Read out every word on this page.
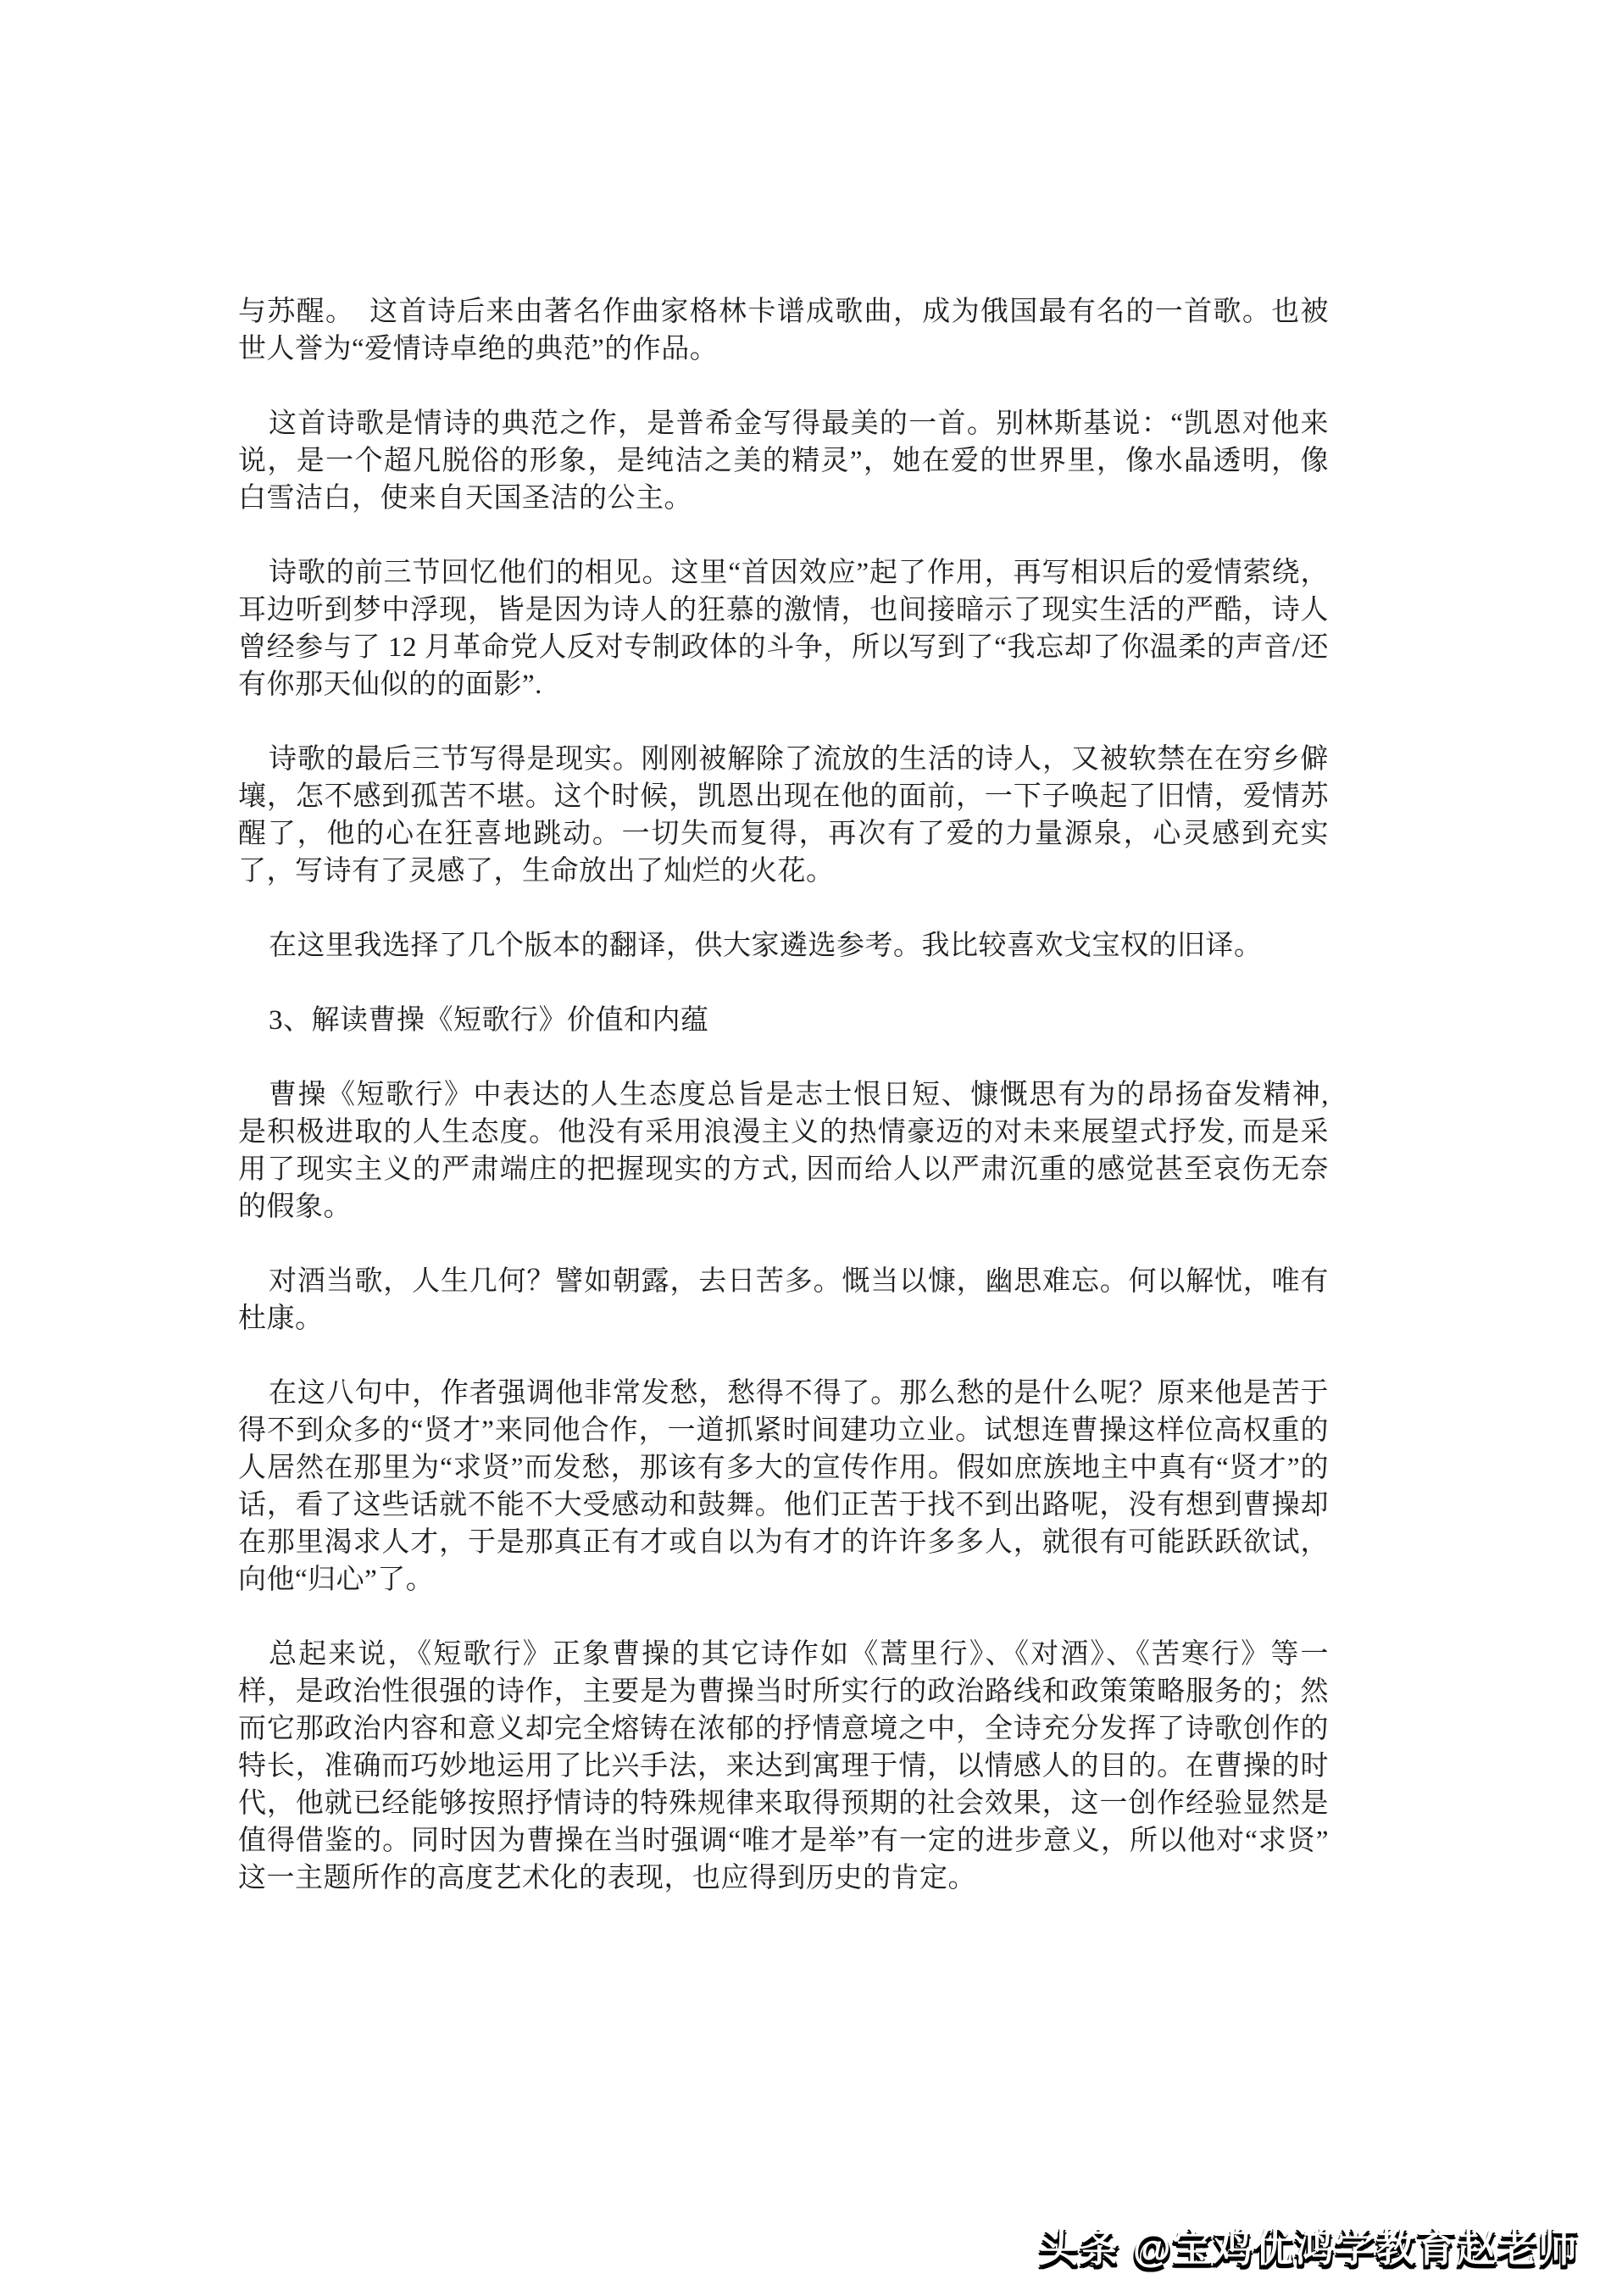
与苏醒。　这首诗后来由著名作曲家格林卡谱成歌曲，成为俄国最有名的一首歌。也被世人誉为“爱情诗卓绝的典范”的作品。

这首诗歌是情诗的典范之作，是普希金写得最美的一首。别林斯基说：“凯恩对他来说，是一个超凡脱俗的形象，是纯洁之美的精灵”，她在爱的世界里，像水晶透明，像白雪洁白，使来自天国圣洁的公主。

诗歌的前三节回忆他们的相见。这里“首因效应”起了作用，再写相识后的爱情萦绕，耳边听到梦中浮现，皆是因为诗人的狂慕的激情，也间接暗示了现实生活的严酷，诗人曾经参与了 12 月革命党人反对专制政体的斗争，所以写到了“我忘却了你温柔的声音/还有你那天仙似的的面影”.

诗歌的最后三节写得是现实。刚刚被解除了流放的生活的诗人，又被软禁在在穷乡僻壤，怎不感到孤苦不堪。这个时候，凯恩出现在他的面前，一下子唤起了旧情，爱情苏醒了，他的心在狂喜地跳动。一切失而复得，再次有了爱的力量源泉，心灵感到充实了，写诗有了灵感了，生命放出了灿烂的火花。

在这里我选择了几个版本的翻译，供大家遴选参考。我比较喜欢戈宝权的旧译。

3、解读曹操《短歌行》价值和内蕴

曹操《短歌行》中表达的人生态度总旨是志士恨日短、慷慨思有为的昂扬奋发精神, 是积极进取的人生态度。他没有采用浪漫主义的热情豪迈的对未来展望式抒发, 而是采用了现实主义的严肃端庄的把握现实的方式, 因而给人以严肃沉重的感觉甚至哀伤无奈的假象。

对酒当歌，人生几何？譬如朝露，去日苦多。慨当以慷，幽思难忘。何以解忧，唯有杜康。

在这八句中，作者强调他非常发愁，愁得不得了。那么愁的是什么呢？原来他是苦于得不到众多的“贤才”来同他合作，一道抓紧时间建功立业。试想连曹操这样位高权重的人居然在那里为“求贤”而发愁，那该有多大的宣传作用。假如庶族地主中真有“贤才”的话，看了这些话就不能不大受感动和鼓舞。他们正苦于找不到出路呢，没有想到曹操却在那里渴求人才，于是那真正有才或自以为有才的许许多多人，就很有可能跃跃欲试，向他“归心”了。

总起来说，《短歌行》正象曹操的其它诗作如《蒿里行》、《对酒》、《苦寒行》等一样，是政治性很强的诗作，主要是为曹操当时所实行的政治路线和政策策略服务的；然而它那政治内容和意义却完全熔铸在浓郁的抒情意境之中，全诗充分发挥了诗歌创作的特长，准确而巧妙地运用了比兴手法，来达到寓理于情，以情感人的目的。在曹操的时代，他就已经能够按照抒情诗的特殊规律来取得预期的社会效果，这一创作经验显然是值得借鉴的。同时因为曹操在当时强调“唯才是举”有一定的进步意义，所以他对“求贤”这一主题所作的高度艺术化的表现，也应得到历史的肯定。

头条 @宝鸡优鸿学教育赵老师
